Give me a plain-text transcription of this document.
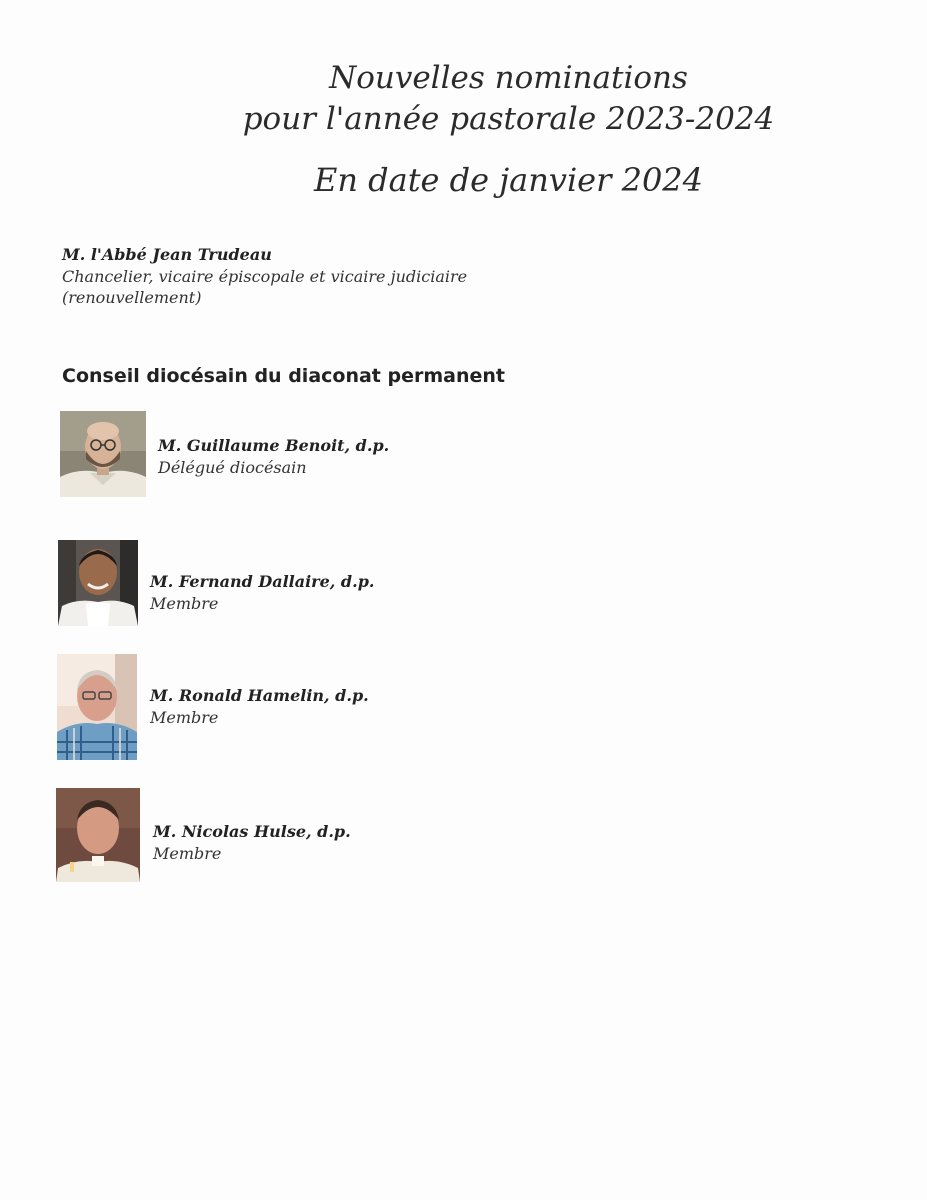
Nouvelles nominations
pour l'année pastorale 2023-2024
En date de janvier 2024
M. l'Abbé Jean Trudeau
Chancelier, vicaire épiscopale et vicaire judiciaire
(renouvellement)
Conseil diocésain du diaconat permanent
M. Guillaume Benoit, d.p.
Délégué diocésain
M. Fernand Dallaire, d.p.
Membre
M. Ronald Hamelin, d.p.
Membre
M. Nicolas Hulse, d.p.
Membre
